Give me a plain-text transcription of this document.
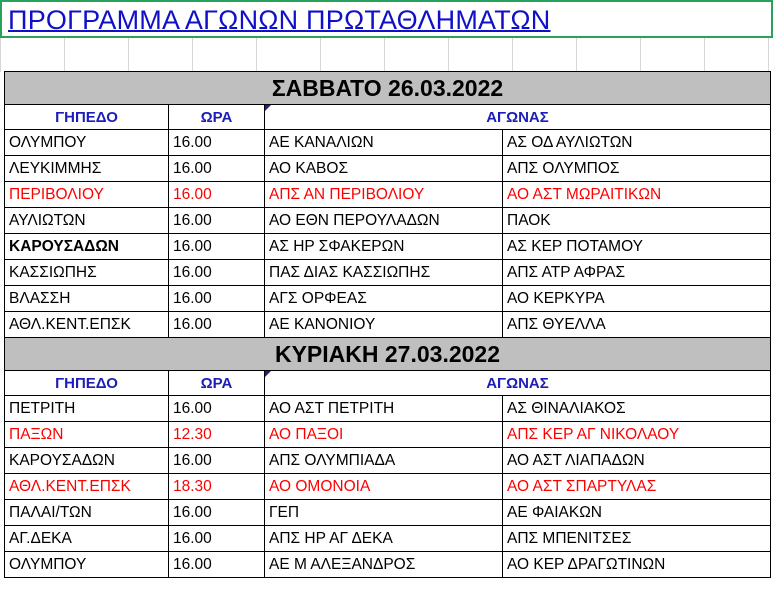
ΠΡΟΓΡΑΜΜΑ ΑΓΩΝΩΝ ΠΡΩΤΑΘΛΗΜΑΤΩΝ
ΣΑΒΒΑΤΟ 26.03.2022			
ΓΗΠΕΔΟ	ΩΡΑ	ΑΓΩΝΑΣ	

ΟΛΥΜΠΟΥ	16.00	ΑΕ ΚΑΝΑΛΙΩΝ	ΑΣ ΟΔ ΑΥΛΙΩΤΩΝ
ΛΕΥΚΙΜΜΗΣ	16.00	ΑΟ ΚΑΒΟΣ	ΑΠΣ ΟΛΥΜΠΟΣ
ΠΕΡΙΒΟΛΙΟΥ	16.00	ΑΠΣ ΑΝ ΠΕΡΙΒΟΛΙΟΥ	ΑΟ ΑΣΤ ΜΩΡΑΙΤΙΚΩΝ
ΑΥΛΙΩΤΩΝ	16.00	ΑΟ ΕΘΝ ΠΕΡΟΥΛΑΔΩΝ	ΠΑΟΚ
ΚΑΡΟΥΣΑΔΩΝ	16.00	ΑΣ ΗΡ ΣΦΑΚΕΡΩΝ	ΑΣ ΚΕΡ ΠΟΤΑΜΟΥ
ΚΑΣΣΙΩΠΗΣ	16.00	ΠΑΣ ΔΙΑΣ ΚΑΣΣΙΩΠΗΣ	ΑΠΣ ΑΤΡ ΑΦΡΑΣ
ΒΛΑΣΣΗ	16.00	ΑΓΣ ΟΡΦΕΑΣ	ΑΟ ΚΕΡΚΥΡΑ
ΑΘΛ.ΚΕΝΤ.ΕΠΣΚ	16.00	ΑΕ ΚΑΝΟΝΙΟΥ	ΑΠΣ ΘΥΕΛΛΑ
ΚΥΡΙΑΚΗ 27.03.2022			
ΓΗΠΕΔΟ	ΩΡΑ	ΑΓΩΝΑΣ	

ΠΕΤΡΙΤΗ	16.00	ΑΟ ΑΣΤ ΠΕΤΡΙΤΗ	ΑΣ ΘΙΝΑΛΙΑΚΟΣ
ΠΑΞΩΝ	12.30	ΑΟ ΠΑΞΟΙ	ΑΠΣ ΚΕΡ ΑΓ ΝΙΚΟΛΑΟΥ
ΚΑΡΟΥΣΑΔΩΝ	16.00	ΑΠΣ ΟΛΥΜΠΙΑΔΑ	ΑΟ ΑΣΤ ΛΙΑΠΑΔΩΝ
ΑΘΛ.ΚΕΝΤ.ΕΠΣΚ	18.30	ΑΟ ΟΜΟΝΟΙΑ	ΑΟ ΑΣΤ ΣΠΑΡΤΥΛΑΣ
ΠΑΛΑΙ/ΤΩΝ	16.00	ΓΕΠ	ΑΕ ΦΑΙΑΚΩΝ
ΑΓ.ΔΕΚΑ	16.00	ΑΠΣ ΗΡ ΑΓ ΔΕΚΑ	ΑΠΣ ΜΠΕΝΙΤΣΕΣ
ΟΛΥΜΠΟΥ	16.00	ΑΕ Μ ΑΛΕΞΑΝΔΡΟΣ	ΑΟ ΚΕΡ ΔΡΑΓΩΤΙΝΩΝ
